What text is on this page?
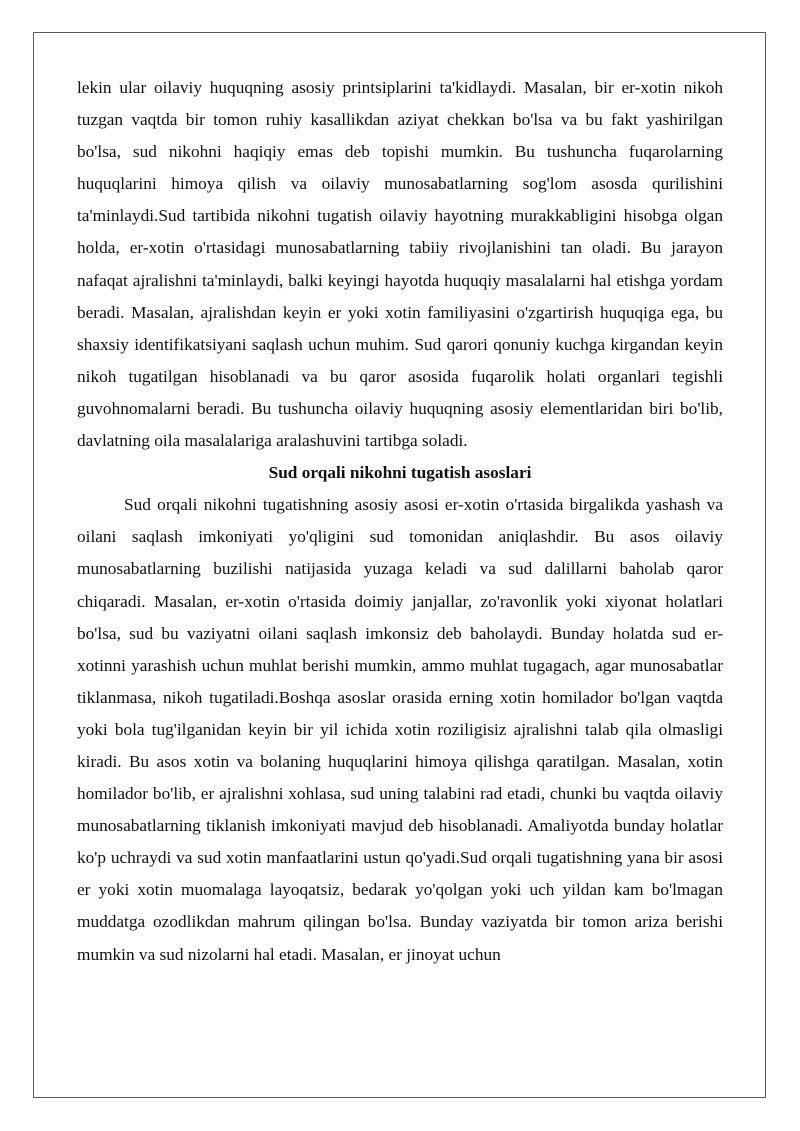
lekin ular oilaviy huquqning asosiy printsiplarini ta'kidlaydi. Masalan, bir er-xotin nikoh tuzgan vaqtda bir tomon ruhiy kasallikdan aziyat chekkan bo'lsa va bu fakt yashirilgan bo'lsa, sud nikohni haqiqiy emas deb topishi mumkin. Bu tushuncha fuqarolarning huquqlarini himoya qilish va oilaviy munosabatlarning sog'lom asosda qurilishini ta'minlaydi.Sud tartibida nikohni tugatish oilaviy hayotning murakkabligini hisobga olgan holda, er-xotin o'rtasidagi munosabatlarning tabiiy rivojlanishini tan oladi. Bu jarayon nafaqat ajralishni ta'minlaydi, balki keyingi hayotda huquqiy masalalarni hal etishga yordam beradi. Masalan, ajralishdan keyin er yoki xotin familiyasini o'zgartirish huquqiga ega, bu shaxsiy identifikatsiyani saqlash uchun muhim. Sud qarori qonuniy kuchga kirgandan keyin nikoh tugatilgan hisoblanadi va bu qaror asosida fuqarolik holati organlari tegishli guvohnomalarni beradi. Bu tushuncha oilaviy huquqning asosiy elementlaridan biri bo'lib, davlatning oila masalalariga aralashuvini tartibga soladi.

Sud orqali nikohni tugatish asoslari

Sud orqali nikohni tugatishning asosiy asosi er-xotin o'rtasida birgalikda yashash va oilani saqlash imkoniyati yo'qligini sud tomonidan aniqlashdir. Bu asos oilaviy munosabatlarning buzilishi natijasida yuzaga keladi va sud dalillarni baholab qaror chiqaradi. Masalan, er-xotin o'rtasida doimiy janjallar, zo'ravonlik yoki xiyonat holatlari bo'lsa, sud bu vaziyatni oilani saqlash imkonsiz deb baholaydi. Bunday holatda sud er-xotinni yarashish uchun muhlat berishi mumkin, ammo muhlat tugagach, agar munosabatlar tiklanmasa, nikoh tugatiladi.Boshqa asoslar orasida erning xotin homilador bo'lgan vaqtda yoki bola tug'ilganidan keyin bir yil ichida xotin roziligisiz ajralishni talab qila olmasligi kiradi. Bu asos xotin va bolaning huquqlarini himoya qilishga qaratilgan. Masalan, xotin homilador bo'lib, er ajralishni xohlasa, sud uning talabini rad etadi, chunki bu vaqtda oilaviy munosabatlarning tiklanish imkoniyati mavjud deb hisoblanadi. Amaliyotda bunday holatlar ko'p uchraydi va sud xotin manfaatlarini ustun qo'yadi.Sud orqali tugatishning yana bir asosi er yoki xotin muomalaga layoqatsiz, bedarak yo'qolgan yoki uch yildan kam bo'lmagan muddatga ozodlikdan mahrum qilingan bo'lsa. Bunday vaziyatda bir tomon ariza berishi mumkin va sud nizolarni hal etadi. Masalan, er jinoyat uchun
